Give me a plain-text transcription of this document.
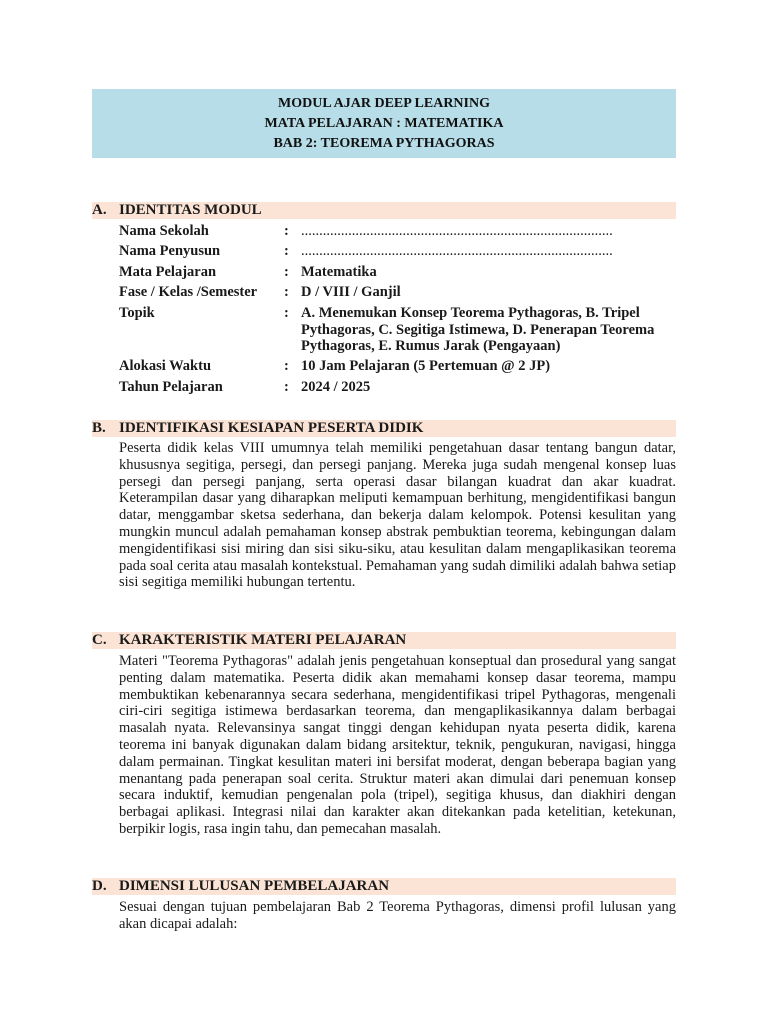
MODUL AJAR DEEP LEARNING
MATA PELAJARAN : MATEMATIKA
BAB 2: TEOREMA PYTHAGORAS
A. IDENTITAS MODUL
Nama Sekolah	: ......................................................................................
Nama Penyusun	: ......................................................................................
Mata Pelajaran	: Matematika
Fase / Kelas /Semester : D / VIII / Ganjil
Topik	: A. Menemukan Konsep Teorema Pythagoras, B. Tripel Pythagoras, C. Segitiga Istimewa, D. Penerapan Teorema Pythagoras, E. Rumus Jarak (Pengayaan)
Alokasi Waktu	: 10 Jam Pelajaran (5 Pertemuan @ 2 JP)
Tahun Pelajaran	: 2024 / 2025
B. IDENTIFIKASI KESIAPAN PESERTA DIDIK
Peserta didik kelas VIII umumnya telah memiliki pengetahuan dasar tentang bangun datar, khususnya segitiga, persegi, dan persegi panjang. Mereka juga sudah mengenal konsep luas persegi dan persegi panjang, serta operasi dasar bilangan kuadrat dan akar kuadrat. Keterampilan dasar yang diharapkan meliputi kemampuan berhitung, mengidentifikasi bangun datar, menggambar sketsa sederhana, dan bekerja dalam kelompok. Potensi kesulitan yang mungkin muncul adalah pemahaman konsep abstrak pembuktian teorema, kebingungan dalam mengidentifikasi sisi miring dan sisi siku-siku, atau kesulitan dalam mengaplikasikan teorema pada soal cerita atau masalah kontekstual. Pemahaman yang sudah dimiliki adalah bahwa setiap sisi segitiga memiliki hubungan tertentu.
C. KARAKTERISTIK MATERI PELAJARAN
Materi "Teorema Pythagoras" adalah jenis pengetahuan konseptual dan prosedural yang sangat penting dalam matematika. Peserta didik akan memahami konsep dasar teorema, mampu membuktikan kebenarannya secara sederhana, mengidentifikasi tripel Pythagoras, mengenali ciri-ciri segitiga istimewa berdasarkan teorema, dan mengaplikasikannya dalam berbagai masalah nyata. Relevansinya sangat tinggi dengan kehidupan nyata peserta didik, karena teorema ini banyak digunakan dalam bidang arsitektur, teknik, pengukuran, navigasi, hingga dalam permainan. Tingkat kesulitan materi ini bersifat moderat, dengan beberapa bagian yang menantang pada penerapan soal cerita. Struktur materi akan dimulai dari penemuan konsep secara induktif, kemudian pengenalan pola (tripel), segitiga khusus, dan diakhiri dengan berbagai aplikasi. Integrasi nilai dan karakter akan ditekankan pada ketelitian, ketekunan, berpikir logis, rasa ingin tahu, dan pemecahan masalah.
D. DIMENSI LULUSAN PEMBELAJARAN
Sesuai dengan tujuan pembelajaran Bab 2 Teorema Pythagoras, dimensi profil lulusan yang akan dicapai adalah:
